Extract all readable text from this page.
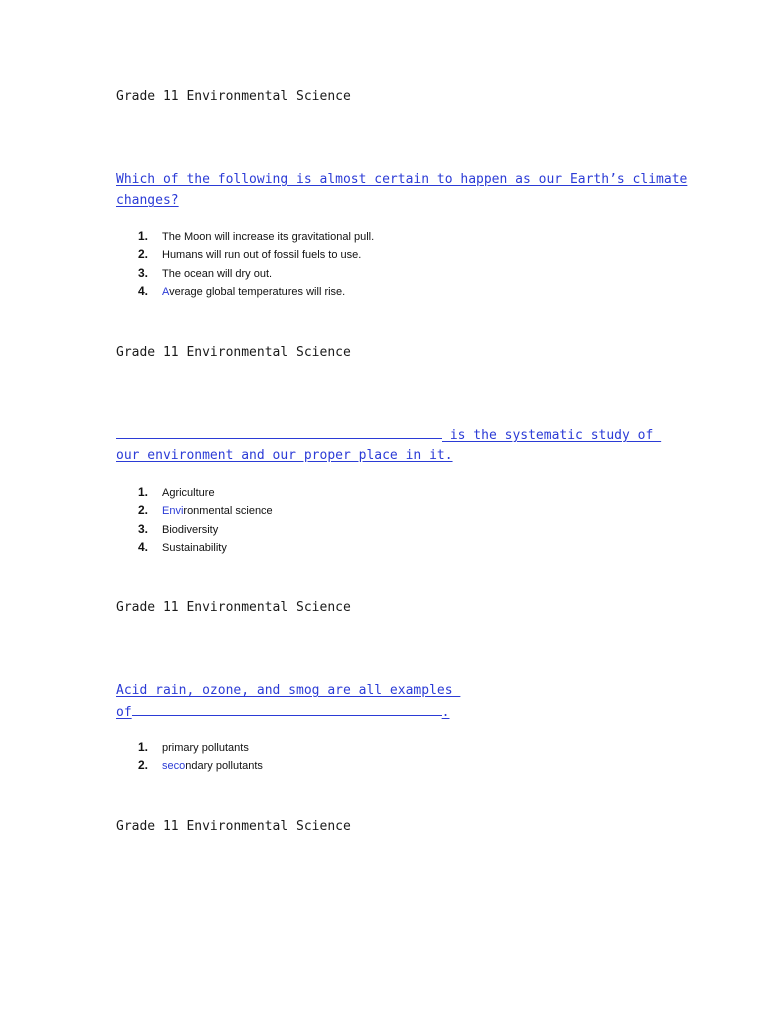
Grade 11 Environmental Science
Which of the following is almost certain to happen as our Earth’s climate
changes?
1. The Moon will increase its gravitational pull.
2. Humans will run out of fossil fuels to use.
3. The ocean will dry out.
4. Average global temperatures will rise.
Grade 11 Environmental Science
is the systematic study of
our environment and our proper place in it.
1. Agriculture
2. Environmental science
3. Biodiversity
4. Sustainability
Grade 11 Environmental Science
Acid rain, ozone, and smog are all examples
of	.
1. primary pollutants
2. secondary pollutants
Grade 11 Environmental Science
